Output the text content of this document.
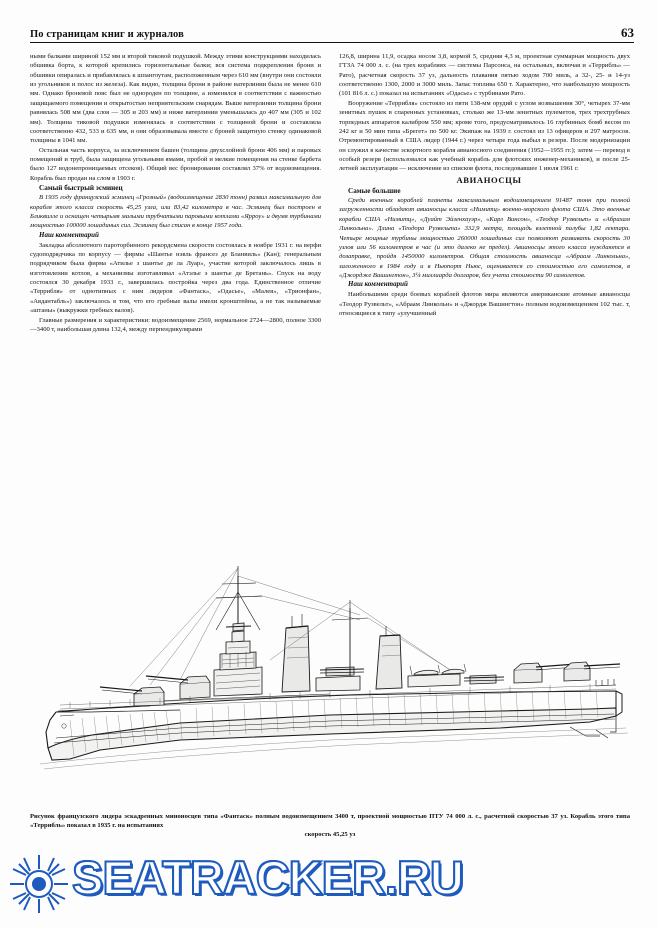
По страницам книг и журналов	63

ными балками шириной 152 мм и второй тиковой подушкой. Между этими конструкциями находилась обшивка борта, к которой крепились горизонтальные балки; вся система подкрепления брони и обшивки опиралась и прибавлялась к шпангоутам, расположенным через 610 мм (внутри они состояли из угольников и полос из железа). Как видно, толщина брони в районе ватерлинии была не менее 610 мм. Однако броневой пояс был не однороден по толщине, а изменялся в соответствии с важностью защищаемого помещения и открытостью неприятельским снарядам. Выше ватерлинии толщина брони равнялась 508 мм (два слоя — 305 и 203 мм) и ниже ватерлинии уменьшалась до 407 мм (305 и 102 мм). Толщина тиковой подушки изменялась в соответствии с толщиной брони и составляла соответственно 432, 533 и 635 мм, и они образовывала вместе с броней защитную стенку одинаковой толщины в 1041 мм.

Остальная часть корпуса, за исключением башен (толщина двухслойной брони 406 мм) и паровых помещений и труб, была защищена угольными ямами, пробой и мелкие помещения на стенке барбета было 127 водонепроницаемых отсеков). Общий вес бронирования составлял 37% от водоизмещения. Корабль был продан на слом в 1903 г.

Самый быстрый эсминец

В 1935 году французский эсминец «Грозный» (водоизмещение 2830 тонн) развил максимальную для корабля этого класса скорость 45,25 узла, или 83,42 километра в час. Эсминец был построен в Бликвилле и оснащен четырьмя малыми трубчатыми паровыми котлами «Ярроу» и двумя турбинами мощностью 100000 лошадиных сил. Эсминец был списан в конце 1957 года.

Наш комментарий

Закладка абсолютного пароторбинного рекордсмена скорости состоялась в ноябре 1931 г. на верфи судоподрядчика по корпусу — фирмы «Шантье нэвль франсез де Бланвиль» (Кан); генеральным подрядчиком была фирма «Атилье з шантье де ла Луар», участие которой заключалось лишь в изготовлении котлов, а механизмы изготавливал «Атэлье э шантье де Бретань». Спуск на воду состоялся 30 декабря 1933 г., завершилась постройка через два года. Единственное отличие «Террибля» от однотипных с ним лидеров «Фантаск», «Одасье», «Малея», «Трионфан», «Авдантабль») заключалось в том, что его гребные валы имели кронштейны, а не так называемые «штаны» (выкружки гребных валов).

Главные размерения и характеристики: водоизмещение 2569, нормальное 2724—2800, полное 3300—3400 т, наибольшая длина 132,4, между перпендикулярами

126,8, ширина 11,9, осадка носом 3,8, кормой 5, средняя 4,3 м, проектная суммарная мощность двух ГТЗА 74 000 л. с. (на трех корабляях — системы Парсонса, на остальных, включая и «Террибль» — Рато), расчетная скорость 37 уз, дальность плавания пятью ходом 700 миль, а 32-, 25- и 14-уз соответственно 1300, 2000 и 3000 миль. Запас топлива 650 т. Характерно, что наибольшую мощность (101 816 л. с.) показал на испытаниях «Одасье» с турбинами Рато.

Вооружение «Террибля» состояло из пяти 138-мм орудий с углом возвышения 30°, четырех 37-мм зенитных пушек в спаренных установках, столько же 13-мм зенитных пулеметов, трех трехтрубных торпедных аппаратов калибром 550 мм; кроме того, предусматривалось 16 глубинных бомб весом по 242 кг и 50 мин типа «Брегет» по 500 кг. Экипаж на 1939 г. состоял из 13 офицеров и 297 матросов. Отремонтированный в США лидер (1944 г.) через четыре года выбыл в резерв. После модернизации он служил в качестве эскортного корабля авианосного соединения (1952—1955 гг.); затем — перевод в особый резерв (использовался как учебный корабль для флотских инженер-механиков), и после 25-летней эксплуатации — исключение из списков флота, последовавшее 1 июля 1961 г.

АВИАНОСЦЫ

Самые большие

Среди военных кораблей планеты максимальным водоизмещением 91487 тонн при полной загруженности обладают авианосцы класса «Нимитц» военно-морского флота США. Это военные корабли США «Нимитц», «Дуайт Эйзенхауэр», «Карл Винсон», «Теодор Рузвельт» и «Абрахам Линкольна». Длина «Теодора Рузвельта» 332,9 метра, площадь взлетной палубы 1,82 гектара. Четыре мощные турбины мощностью 260000 лошадиных сил позволяют развивать скорость 30 узлов или 56 километров в час (и это далеко не предел). Авианосцы этого класса нуждаются в дозаправке, пройдя 1450000 километров. Общая стоимость авианосца «Абраам Линкольна», заложенного в 1984 году и в Ньюпорт Ньюс, оценивается со стоимостью его самолетов, в «Джордже Вашингтон», 3¼ миллиарда долларов, без учета стоимости 90 самолетов.

Наш комментарий

Наибольшими среди боевых кораблей флотов мира являются американские атомные авианосцы «Теодор Рузвельт», «Абраам Линкольн» и «Джордж Вашингтон» полным водоизмещением 102 тыс. т, относящиеся к типу «улучшенный

Рисунок французского лидера эскадренных миноносцев типа «Фантаск» полным водоизмещением 3400 т, проектной мощностью ПТУ 74 000 л. с., расчетной скоростью 37 уз. Корабль этого типа «Террибль» показал в 1935 г. на испытаниях
скорость 45,25 уз
SEATRACKER.RU
